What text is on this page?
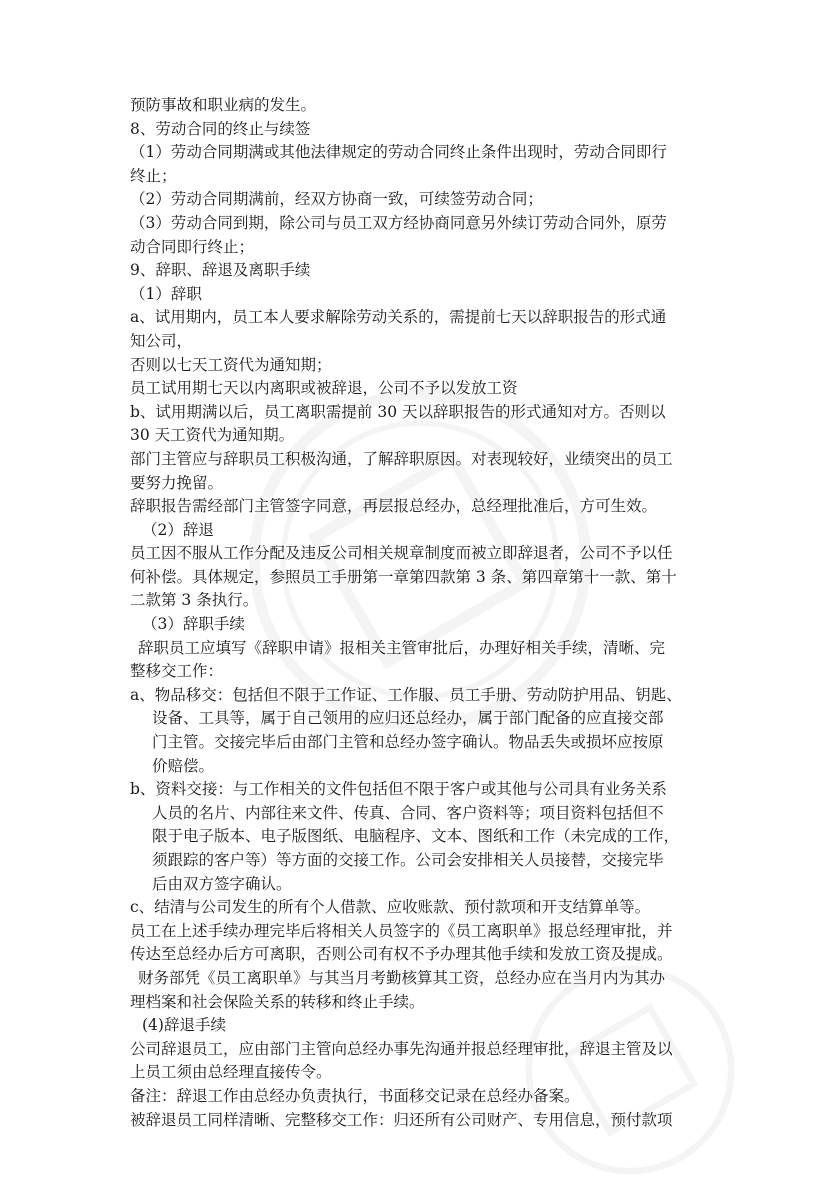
预防事故和职业病的发生。
8、劳动合同的终止与续签
（1）劳动合同期满或其他法律规定的劳动合同终止条件出现时，劳动合同即行
终止；
（2）劳动合同期满前，经双方协商一致，可续签劳动合同；
（3）劳动合同到期，除公司与员工双方经协商同意另外续订劳动合同外，原劳
动合同即行终止；
9、辞职、辞退及离职手续
（1）辞职
a、试用期内，员工本人要求解除劳动关系的，需提前七天以辞职报告的形式通
知公司，
否则以七天工资代为通知期；
员工试用期七天以内离职或被辞退，公司不予以发放工资
b、试用期满以后，员工离职需提前 30 天以辞职报告的形式通知对方。否则以
30 天工资代为通知期。
部门主管应与辞职员工积极沟通，了解辞职原因。对表现较好，业绩突出的员工
要努力挽留。
辞职报告需经部门主管签字同意，再层报总经办，总经理批准后，方可生效。
（2）辞退
员工因不服从工作分配及违反公司相关规章制度而被立即辞退者，公司不予以任
何补偿。具体规定，参照员工手册第一章第四款第 3 条、第四章第十一款、第十
二款第 3 条执行。
（3）辞职手续
辞职员工应填写《辞职申请》报相关主管审批后，办理好相关手续，清晰、完
整移交工作：
a、物品移交：包括但不限于工作证、工作服、员工手册、劳动防护用品、钥匙、
设备、工具等，属于自己领用的应归还总经办，属于部门配备的应直接交部
门主管。交接完毕后由部门主管和总经办签字确认。物品丢失或损坏应按原
价赔偿。
b、资料交接：与工作相关的文件包括但不限于客户或其他与公司具有业务关系
人员的名片、内部往来文件、传真、合同、客户资料等；项目资料包括但不
限于电子版本、电子版图纸、电脑程序、文本、图纸和工作（未完成的工作，
须跟踪的客户等）等方面的交接工作。公司会安排相关人员接替，交接完毕
后由双方签字确认。
c、结清与公司发生的所有个人借款、应收账款、预付款项和开支结算单等。
员工在上述手续办理完毕后将相关人员签字的《员工离职单》报总经理审批，并
传达至总经办后方可离职，否则公司有权不予办理其他手续和发放工资及提成。
财务部凭《员工离职单》与其当月考勤核算其工资，总经办应在当月内为其办
理档案和社会保险关系的转移和终止手续。
(4)辞退手续
公司辞退员工，应由部门主管向总经办事先沟通并报总经理审批，辞退主管及以
上员工须由总经理直接传令。
备注：辞退工作由总经办负责执行，书面移交记录在总经办备案。
被辞退员工同样清晰、完整移交工作：归还所有公司财产、专用信息，预付款项
